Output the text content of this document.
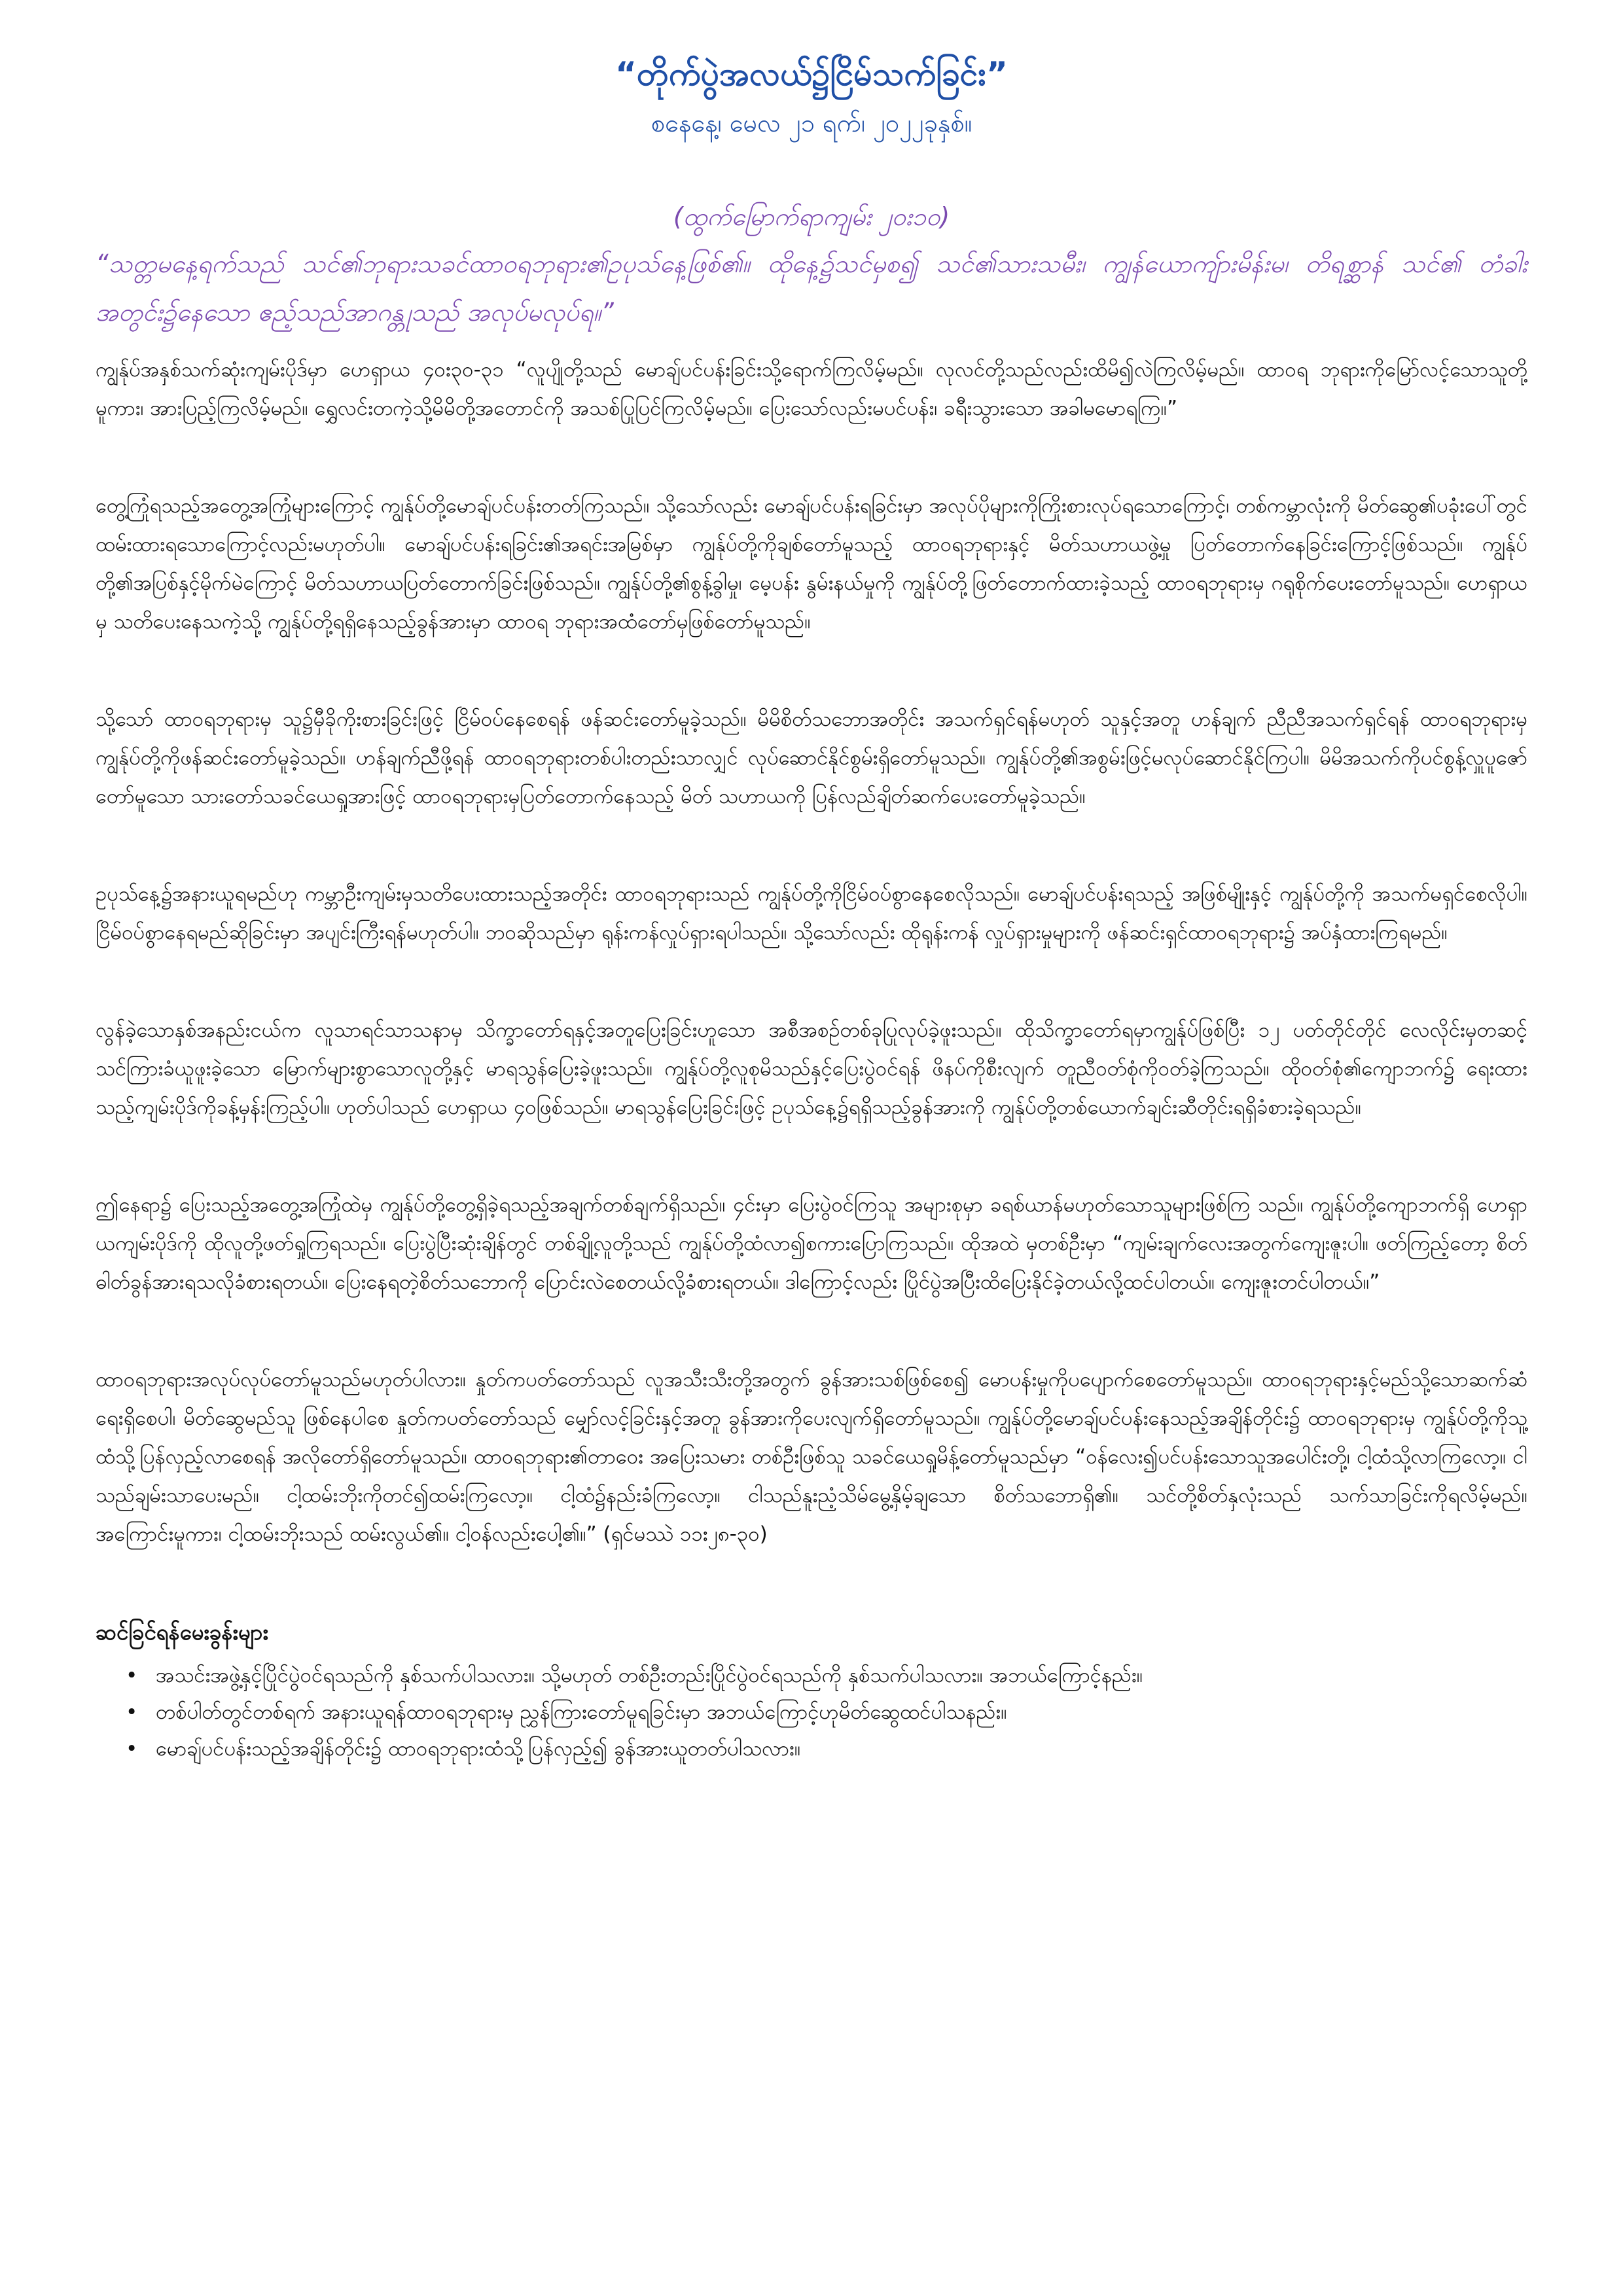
“တိုက်ပွဲအလယ်၌ငြိမ်သက်ခြင်း”
စနေနေ့၊ မေလ ၂၁ ရက်၊ ၂၀၂၂ခုနှစ်။

(ထွက်မြောက်ရာကျမ်း ၂၀း၁၀)

“သတ္တမနေ့ရက်သည် သင်၏ဘုရားသခင်ထာဝရဘုရား၏ဥပုသ်နေ့ဖြစ်၏။ ထိုနေ့၌သင်မှစ၍ သင်၏သားသမီး၊ ကျွန်ယောကျ်ားမိန်းမ၊ တိရစ္ဆာန် သင်၏ တံခါးအတွင်း၌နေသော ဧည့်သည်အာဂန္တုသည် အလုပ်မလုပ်ရ။”

ကျွန်ုပ်အနှစ်သက်ဆုံးကျမ်းပိုဒ်မှာ ဟေရှာယ ၄၀း၃၀-၃၁ “လူပျိုတို့သည် မောချ်ပင်ပန်းခြင်းသို့ရောက်ကြလိမ့်မည်။ လုလင်တို့သည်လည်းထိမိ၍လဲကြလိမ့်မည်။ ထာဝရ ဘုရားကိုမြော်လင့်သောသူတို့မူကား၊ အားပြည့်ကြလိမ့်မည်။ ရွှေလင်းတကဲ့သို့မိမိတို့အတောင်ကို အသစ်ပြုပြင်ကြလိမ့်မည်။ ပြေးသော်လည်းမပင်ပန်း၊ ခရီးသွားသော အခါမမောရကြ။”

တွေ့ကြုံရသည့်အတွေ့အကြုံများကြောင့် ကျွန်ုပ်တို့မောချ်ပင်ပန်းတတ်ကြသည်။ သို့သော်လည်း မောချ်ပင်ပန်းရခြင်းမှာ အလုပ်ပိုများကိုကြိုးစားလုပ်ရသောကြောင့်၊ တစ်ကမ္ဘာလုံးကို မိတ်ဆွေ၏ပခုံးပေါ်တွင် ထမ်းထားရသောကြောင့်လည်းမဟုတ်ပါ။ မောချ်ပင်ပန်းရခြင်း၏အရင်းအမြစ်မှာ ကျွန်ုပ်တို့ကိုချစ်တော်မူသည့် ထာဝရဘုရားနှင့် မိတ်သဟာယဖွဲ့မှု ပြတ်တောက်နေခြင်းကြောင့်ဖြစ်သည်။ ကျွန်ုပ်တို့၏အပြစ်နှင့်မိုက်မဲကြောင့် မိတ်သဟာယပြတ်တောက်ခြင်းဖြစ်သည်။ ကျွန်ုပ်တို့၏စွန့်ခွါမှု၊ မေ့ပန်း နွမ်းနယ်မှုကို ကျွန်ုပ်တို့ဖြတ်တောက်ထားခဲ့သည့် ထာဝရဘုရားမှ ဂရုစိုက်ပေးတော်မူသည်။ ဟေရှာယမှ သတိပေးနေသကဲ့သို့ ကျွန်ုပ်တို့ရရှိနေသည့်ခွန်အားမှာ ထာဝရ ဘုရားအထံတော်မှဖြစ်တော်မူသည်။

သို့သော် ထာဝရဘုရားမှ သူ၌မှီခိုကိုးစားခြင်းဖြင့် ငြိမ်ဝပ်နေစေရန် ဖန်ဆင်းတော်မူခဲ့သည်။ မိမိစိတ်သဘောအတိုင်း အသက်ရှင်ရန်မဟုတ် သူနှင့်အတူ ဟန်ချက် ညီညီအသက်ရှင်ရန် ထာဝရဘုရားမှ ကျွန်ုပ်တို့ကိုဖန်ဆင်းတော်မူခဲ့သည်။ ဟန်ချက်ညီဖို့ရန် ထာဝရဘုရားတစ်ပါးတည်းသာလျှင် လုပ်ဆောင်နိုင်စွမ်းရှိတော်မူသည်။ ကျွန်ုပ်တို့၏အစွမ်းဖြင့်မလုပ်ဆောင်နိုင်ကြပါ။ မိမိအသက်ကိုပင်စွန့်လှူပူဇော်တော်မူသော သားတော်သခင်ယေရှုအားဖြင့် ထာဝရဘုရားမှပြတ်တောက်နေသည့် မိတ် သဟာယကို ပြန်လည်ချိတ်ဆက်ပေးတော်မူခဲ့သည်။

ဥပုသ်နေ့၌အနားယူရမည်ဟု ကမ္ဘာဦးကျမ်းမှသတိပေးထားသည့်အတိုင်း ထာဝရဘုရားသည် ကျွန်ုပ်တို့ကိုငြိမ်ဝပ်စွာနေစေလိုသည်။ မောချ်ပင်ပန်းရသည့် အဖြစ်မျိုးနှင့် ကျွန်ုပ်တို့ကို အသက်မရှင်စေလိုပါ။ ငြိမ်ဝပ်စွာနေရမည်ဆိုခြင်းမှာ အပျင်းကြီးရန်မဟုတ်ပါ။ ဘဝဆိုသည်မှာ ရုန်းကန်လှုပ်ရှားရပါသည်။ သို့သော်လည်း ထိုရုန်းကန် လှုပ်ရှားမှုများကို ဖန်ဆင်းရှင်ထာဝရဘုရား၌ အပ်နှံထားကြရမည်။

လွန်ခဲ့သောနှစ်အနည်းငယ်က လူသာရင်သာသနာမှ သိက္ခာတော်ရနှင့်အတူပြေးခြင်းဟူသော အစီအစဉ်တစ်ခုပြုလုပ်ခဲ့ဖူးသည်။ ထိုသိက္ခာတော်ရမှာကျွန်ုပ်ဖြစ်ပြီး ၁၂ ပတ်တိုင်တိုင် လေလိုင်းမှတဆင့်သင်ကြားခံယူဖူးခဲ့သော မြောက်များစွာသောလူတို့နှင့် မာရသွန်ပြေးခဲ့ဖူးသည်။ ကျွန်ုပ်တို့လူစုမိသည်နှင့်ပြေးပွဲဝင်ရန် ဖိနပ်ကိုစီးလျက် တူညီဝတ်စုံကိုဝတ်ခဲ့ကြသည်။ ထိုဝတ်စုံ၏ကျောဘက်၌ ရေးထားသည့်ကျမ်းပိုဒ်ကိုခန့်မှန်းကြည့်ပါ။ ဟုတ်ပါသည် ဟေရှာယ ၄၀ဖြစ်သည်။ မာရသွန်ပြေးခြင်းဖြင့် ဥပုသ်နေ့၌ရရှိသည့်ခွန်အားကို ကျွန်ုပ်တို့တစ်ယောက်ချင်းဆီတိုင်းရရှိခံစားခဲ့ရသည်။

ဤနေရာ၌ ပြေးသည့်အတွေ့အကြုံထဲမှ ကျွန်ုပ်တို့တွေ့ရှိခဲ့ရသည့်အချက်တစ်ချက်ရှိသည်။ ၄င်းမှာ ပြေးပွဲဝင်ကြသူ အများစုမှာ ခရစ်ယာန်မဟုတ်သောသူများဖြစ်ကြ သည်။ ကျွန်ုပ်တို့ကျောဘက်ရှိ ဟေရှာယကျမ်းပိုဒ်ကို ထိုလူတို့ဖတ်ရှုကြရသည်။ ပြေးပွဲပြီးဆုံးချိန်တွင် တစ်ချို့လူတို့သည် ကျွန်ုပ်တို့ထံလာ၍စကားပြောကြသည်။ ထိုအထဲ မှတစ်ဦးမှာ “ကျမ်းချက်လေးအတွက်ကျေးဇူးပါ။ ဖတ်ကြည့်တော့ စိတ်ဓါတ်ခွန်အားရသလိုခံစားရတယ်။ ပြေးနေရတဲ့စိတ်သဘောကို ပြောင်းလဲစေတယ်လို့ခံစားရတယ်။ ဒါကြောင့်လည်း ပြိုင်ပွဲအပြီးထိပြေးနိုင်ခဲ့တယ်လို့ထင်ပါတယ်။ ကျေးဇူးတင်ပါတယ်။”

ထာဝရဘုရားအလုပ်လုပ်တော်မူသည်မဟုတ်ပါလား။ နှုတ်ကပတ်တော်သည် လူအသီးသီးတို့အတွက် ခွန်အားသစ်ဖြစ်စေ၍ မောပန်းမှုကိုပပျောက်စေတော်မူသည်။ ထာဝရဘုရားနှင့်မည်သို့သောဆက်ဆံရေးရှိစေပါ၊ မိတ်ဆွေမည်သူ ဖြစ်နေပါစေ နှုတ်ကပတ်တော်သည် မျှော်လင့်ခြင်းနှင့်အတူ ခွန်အားကိုပေးလျက်ရှိတော်မူသည်။ ကျွန်ုပ်တို့မောချ်ပင်ပန်းနေသည့်အချိန်တိုင်း၌ ထာဝရဘုရားမှ ကျွန်ုပ်တို့ကိုသူ့ထံသို့ပြန်လှည့်လာစေရန် အလိုတော်ရှိတော်မူသည်။ ထာဝရဘုရား၏တာဝေး အပြေးသမား တစ်ဦးဖြစ်သူ သခင်ယေရှုမိန့်တော်မူသည်မှာ “ဝန်လေး၍ပင်ပန်းသောသူအပေါင်းတို့၊ ငါ့ထံသို့လာကြလော့။ ငါသည်ချမ်းသာပေးမည်။ ငါ့ထမ်းဘိုးကိုတင်၍ထမ်းကြလော့။ ငါ့ထံ၌နည်းခံကြလော့။ ငါသည်နူးညံ့သိမ်မွေ့နှိမ့်ချသော စိတ်သဘောရှိ၏။ သင်တို့စိတ်နှလုံးသည် သက်သာခြင်းကိုရလိမ့်မည်။ အကြောင်းမူကား၊ ငါ့ထမ်းဘိုးသည် ထမ်းလွယ်၏။ ငါ့ဝန်လည်းပေါ့၏။” (ရှင်မဿဲ ၁၁း၂၈-၃၀)

ဆင်ခြင်ရန်မေးခွန်းများ

• အသင်းအဖွဲ့နှင့်ပြိုင်ပွဲဝင်ရသည်ကို နှစ်သက်ပါသလား။ သို့မဟုတ် တစ်ဦးတည်းပြိုင်ပွဲဝင်ရသည်ကို နှစ်သက်ပါသလား။ အဘယ်ကြောင့်နည်း။
• တစ်ပါတ်တွင်တစ်ရက် အနားယူရန်ထာဝရဘုရားမှ ညွှန်ကြားတော်မူရခြင်းမှာ အဘယ်ကြောင့်ဟုမိတ်ဆွေထင်ပါသနည်း။
• မောချ်ပင်ပန်းသည့်အချိန်တိုင်း၌ ထာဝရဘုရားထံသို့ပြန်လှည့်၍ ခွန်အားယူတတ်ပါသလား။
